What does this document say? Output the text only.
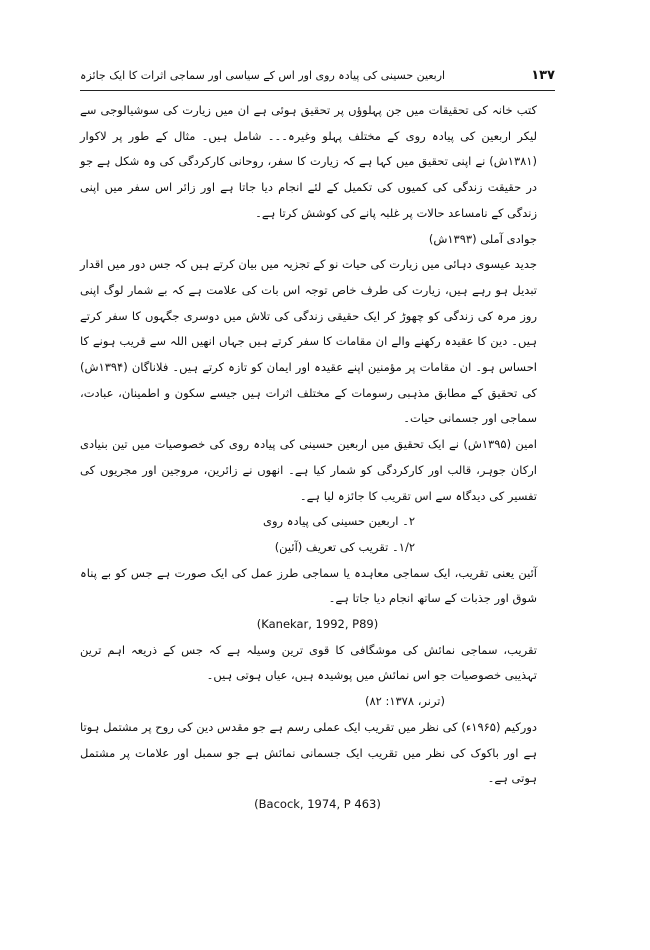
۱۳۷
اربعین حسینی کی پیادہ روی اور اس کے سیاسی اور سماجی اثرات کا ایک جائزہ

کتب خانہ کی تحقیقات میں جن پہلوؤں پر تحقیق ہوئی ہے ان میں زیارت کی سوشیالوجی سے لیکر اربعین کی پیادہ روی کے مختلف پہلو وغیرہ۔۔۔ شامل ہیں۔ مثال کے طور پر لاکوار (۱۳۸۱ش) نے اپنی تحقیق میں کہا ہے کہ زیارت کا سفر، روحانی کارکردگی کی وہ شکل ہے جو در حقیقت زندگی کی کمیوں کی تکمیل کے لئے انجام دیا جاتا ہے اور زائر اس سفر میں اپنی زندگی کے نامساعد حالات پر غلبہ پانے کی کوشش کرتا ہے۔

جوادی آملی (۱۳۹۳ش)

جدید عیسوی دہائی میں زیارت کی حیات نو کے تجزیہ میں بیان کرتے ہیں کہ جس دور میں اقدار تبدیل ہو رہے ہیں، زیارت کی طرف خاص توجہ اس بات کی علامت ہے کہ بے شمار لوگ اپنی روز مرہ کی زندگی کو چھوڑ کر ایک حقیقی زندگی کی تلاش میں دوسری جگہوں کا سفر کرتے ہیں۔ دین کا عقیدہ رکھنے والے ان مقامات کا سفر کرتے ہیں جہاں انھیں اللہ سے قریب ہونے کا احساس ہو۔ ان مقامات پر مؤمنین اپنے عقیدہ اور ایمان کو تازہ کرتے ہیں۔ فلاناگان (۱۳۹۴ش) کی تحقیق کے مطابق مذہبی رسومات کے مختلف اثرات ہیں جیسے سکون و اطمینان، عبادت، سماجی اور جسمانی حیات۔

امین (۱۳۹۵ش) نے ایک تحقیق میں اربعین حسینی کی پیادہ روی کی خصوصیات میں تین بنیادی ارکان جوہر، قالب اور کارکردگی کو شمار کیا ہے۔ انھوں نے زائرین، مروجین اور مجریوں کی تفسیر کی دیدگاہ سے اس تقریب کا جائزہ لیا ہے۔

۲۔ اربعین حسینی کی پیادہ روی

۱/۲۔ تقریب کی تعریف (آئین)

آئین یعنی تقریب، ایک سماجی معاہدہ یا سماجی طرز عمل کی ایک صورت ہے جس کو بے پناہ شوق اور جذبات کے ساتھ انجام دیا جاتا ہے۔

(Kanekar, 1992, P89)

تقریب، سماجی نمائش کی موشگافی کا قوی ترین وسیلہ ہے کہ جس کے ذریعہ اہم ترین تہذیبی خصوصیات جو اس نمائش میں پوشیدہ ہیں، عیاں ہوتی ہیں۔

(ترنر، ۱۳۷۸: ۸۲)

دورکیم (۱۹۶۵ء) کی نظر میں تقریب ایک عملی رسم ہے جو مقدس دین کی روح پر مشتمل ہوتا ہے اور باکوک کی نظر میں تقریب ایک جسمانی نمائش ہے جو سمبل اور علامات پر مشتمل ہوتی ہے۔

(Bacock, 1974, P 463)
